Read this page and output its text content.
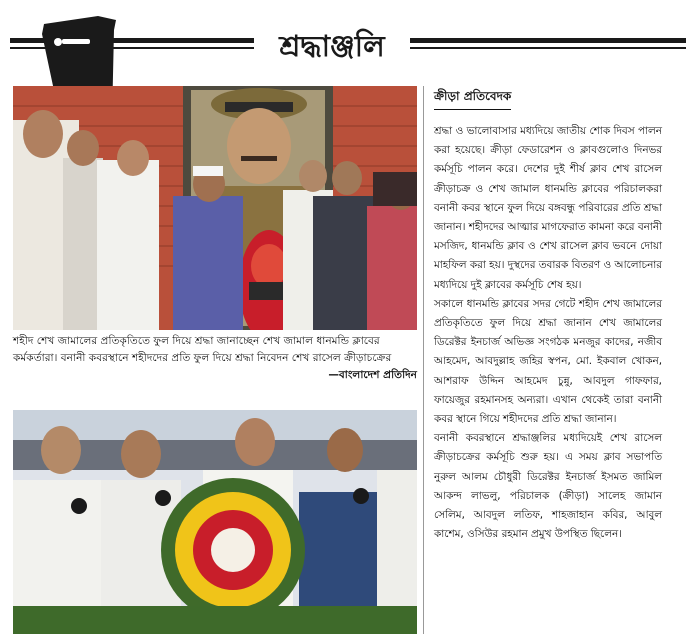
শ্রদ্ধাঞ্জলি
শহীদ শেখ জামালের প্রতিকৃতিতে ফুল দিয়ে শ্রদ্ধা জানাচ্ছেন শেখ জামাল ধানমন্ডি ক্লাবের কর্মকর্তারা। বনানী কবরস্থানে শহীদদের প্রতি ফুল দিয়ে শ্রদ্ধা নিবেদন শেখ রাসেল ক্রীড়াচক্রের
—বাংলাদেশ প্রতিদিন
ক্রীড়া প্রতিবেদক

শ্রদ্ধা ও ভালোবাসার মধ্যদিয়ে জাতীয় শোক দিবস পালন করা হয়েছে। ক্রীড়া ফেডারেশন ও ক্লাবগুলোও দিনভর কর্মসূচি পালন করে। দেশের দুই শীর্ষ ক্লাব শেখ রাসেল ক্রীড়াচক্র ও শেখ জামাল ধানমন্ডি ক্লাবের পরিচালকরা বনানী কবর স্থানে ফুল দিয়ে বঙ্গবন্ধু পরিবারের প্রতি শ্রদ্ধা জানান। শহীদদের আত্মার মাগফেরাত কামনা করে বনানী মসজিদ, ধানমন্ডি ক্লাব ও শেখ রাসেল ক্লাব ভবনে দোয়া মাহফিল করা হয়। দুস্থদের তবারক বিতরণ ও আলোচনার মধ্যদিয়ে দুই ক্লাবের কর্মসূচি শেষ হয়।

সকালে ধানমন্ডি ক্লাবের সদর গেটে শহীদ শেখ জামালের প্রতিকৃতিতে ফুল দিয়ে শ্রদ্ধা জানান শেখ জামালের ডিরেক্টর ইনচার্জ অভিজ্ঞ সংগঠক মনজুর কাদের, নজীব আহমেদ, আবদুল্লাহ জহির স্বপন, মো. ইকবাল খোকন, আশরাফ উদ্দিন আহমেদ চুন্নু, আবদুল গাফফার, ফায়েজুর রহমানসহ অন্যরা। এখান থেকেই তারা বনানী কবর স্থানে গিয়ে শহীদদের প্রতি শ্রদ্ধা জানান।

বনানী কবরস্থানে শ্রদ্ধাঞ্জলির মধ্যদিয়েই শেখ রাসেল ক্রীড়াচক্রের কর্মসূচি শুরু হয়। এ সময় ক্লাব সভাপতি নুরুল আলম চৌধুরী ডিরেক্টর ইনচার্জ ইসমত জামিল আকন্দ লাভলু, পরিচালক (ক্রীড়া) সালেহ জামান সেলিম, আবদুল লতিফ, শাহজাহান কবির, আবুল কাশেম, ওসিউর রহমান প্রমুখ উপস্থিত ছিলেন।
